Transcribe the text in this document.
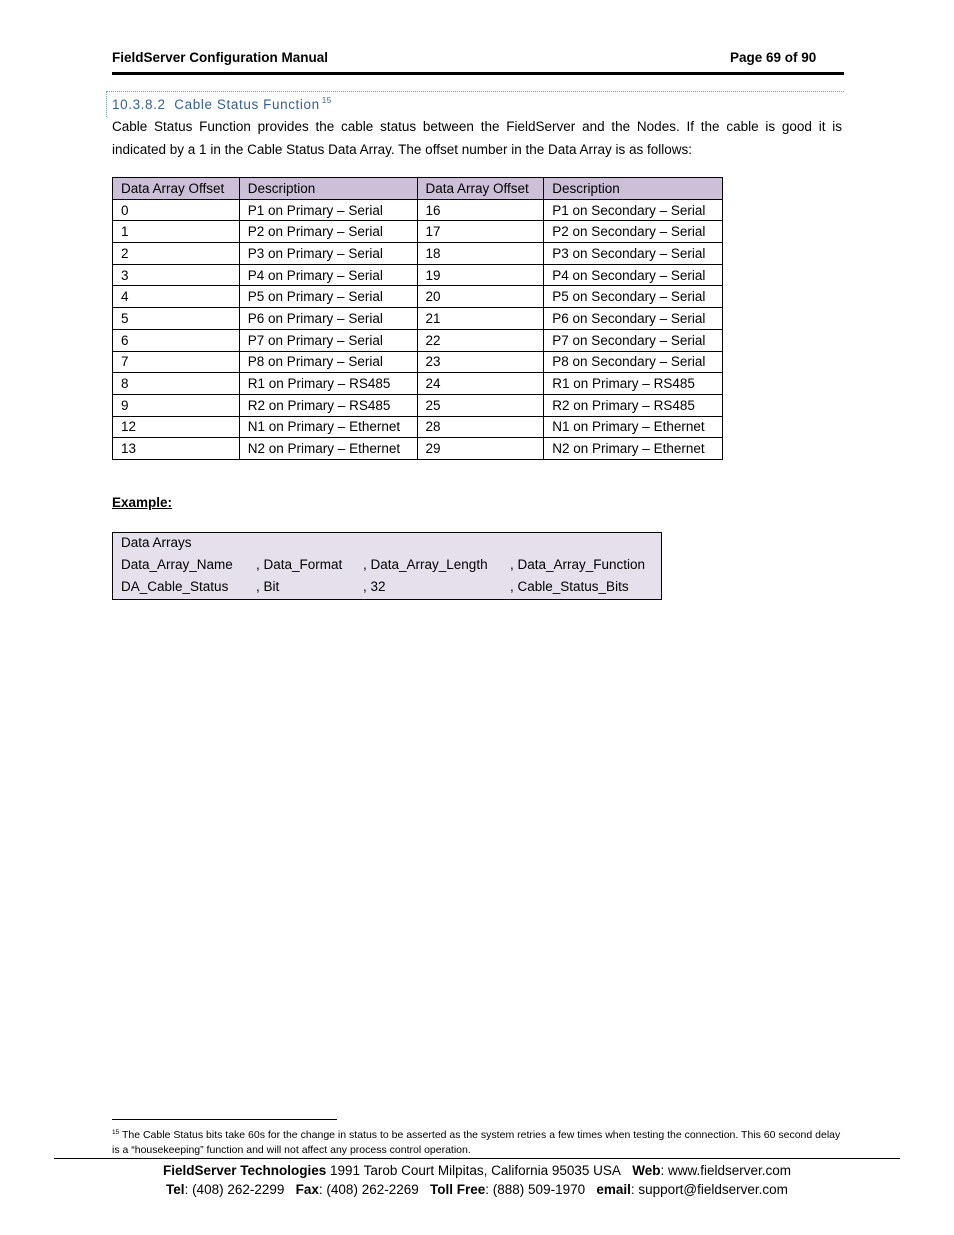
FieldServer Configuration Manual	Page 69 of 90
10.3.8.2 Cable Status Function $^{15}$
Cable Status Function provides the cable status between the FieldServer and the Nodes. If the cable is good it is indicated by a 1 in the Cable Status Data Array. The offset number in the Data Array is as follows:
Data Array Offset	Description	Data Array Offset	Description
0	P1 on Primary – Serial	16	P1 on Secondary – Serial
1	P2 on Primary – Serial	17	P2 on Secondary – Serial
2	P3 on Primary – Serial	18	P3 on Secondary – Serial
3	P4 on Primary – Serial	19	P4 on Secondary – Serial
4	P5 on Primary – Serial	20	P5 on Secondary – Serial
5	P6 on Primary – Serial	21	P6 on Secondary – Serial
6	P7 on Primary – Serial	22	P7 on Secondary – Serial
7	P8 on Primary – Serial	23	P8 on Secondary – Serial
8	R1 on Primary – RS485	24	R1 on Primary – RS485
9	R2 on Primary – RS485	25	R2 on Primary – RS485
12	N1 on Primary – Ethernet	28	N1 on Primary – Ethernet
13	N2 on Primary – Ethernet	29	N2 on Primary – Ethernet
Example:
Data Arrays
Data_Array_Name , Data_Format , Data_Array_Length , Data_Array_Function
DA_Cable_Status , Bit	, 32	, Cable_Status_Bits
$^{15}$ The Cable Status bits take 60s for the change in status to be asserted as the system retries a few times when testing the connection. This 60 second delay is a “housekeeping” function and will not affect any process control operation.
FieldServer Technologies 1991 Tarob Court Milpitas, California 95035 USA Web: www.fieldserver.com
Tel: (408) 262-2299 Fax: (408) 262-2269 Toll Free: (888) 509-1970 email: support@fieldserver.com
